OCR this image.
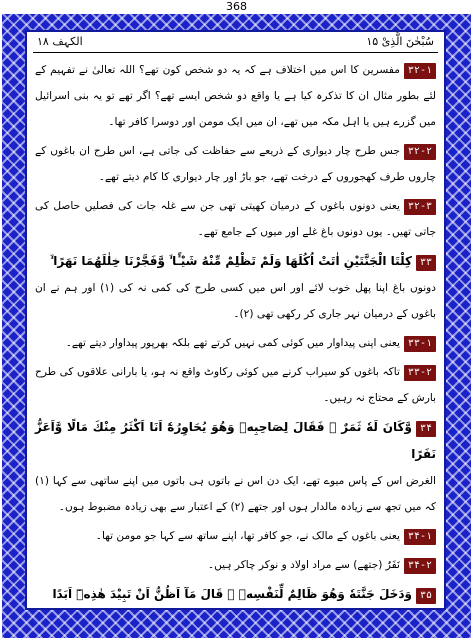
368
سُبْحٰنَ الَّذِیْ ۱۵
الکہف ۱۸
۳۲-۱مفسرین کا اس میں اختلاف ہے کہ یہ دو شخص کون تھے؟ اللہ تعالیٰ نے تفہیم کے لئے بطور مثال ان کا تذکرہ کیا ہے یا واقع دو شخص ایسے تھے؟ اگر تھے تو یہ بنی اسرائیل میں گزرے ہیں یا اہل مکہ میں تھے، ان میں ایک مومن اور دوسرا کافر تھا۔
۳۲-۲جس طرح چار دیواری کے ذریعے سے حفاظت کی جاتی ہے، اس طرح ان باغوں کے چاروں طرف کھجوروں کے درخت تھے، جو باڑ اور چار دیواری کا کام دیتے تھے۔
۳۲-۳یعنی دونوں باغوں کے درمیان کھیتی تھی جن سے غلہ جات کی فصلیں حاصل کی جاتی تھیں۔ یوں دونوں باغ غلے اور میوں کے جامع تھے۔
۳۳كِلْتَا الْجَنَّتَيْنِ اٰتَتْ اُكُلَهَا وَلَمْ تَظْلِمْ مِّنْهُ شَيْـًٔا ۙ وَّفَجَّرْنَا خِلٰلَهُمَا نَهَرًا ۙ
دونوں باغ اپنا پھل خوب لائے اور اس میں کسی طرح کی کمی نہ کی (۱) اور ہم نے ان باغوں کے درمیان نہر جاری کر رکھی تھی (۲)۔
۳۳-۱یعنی اپنی پیداوار میں کوئی کمی نہیں کرتے تھے بلکہ بھرپور پیداوار دیتے تھے۔
۳۳-۲تاکہ باغوں کو سیراب کرنے میں کوئی رکاوٹ واقع نہ ہو، یا بارانی علاقوں کی طرح بارش کے محتاج نہ رہیں۔
۳۴وَّكَانَ لَهٗ ثَمَرٌ ۚ فَقَالَ لِصَاحِبِهٖ وَهُوَ يُحَاوِرُهٗٓ اَنَا اَكْثَرُ مِنْكَ مَالًا وَّاَعَزُّ نَفَرًا
الغرض اس کے پاس میوے تھے، ایک دن اس نے باتوں ہی باتوں میں اپنے ساتھی سے کہا (۱) کہ میں تجھ سے زیادہ مالدار ہوں اور جتھے (۲) کے اعتبار سے بھی زیادہ مضبوط ہوں۔
۳۴-۱یعنی باغوں کے مالک نے، جو کافر تھا، اپنے ساتھ سے کہا جو مومن تھا۔
۳۴-۲نَفَرٌ (جتھے) سے مراد اولاد و نوکر چاکر ہیں۔
۳۵وَدَخَلَ جَنَّتَهٗ وَهُوَ ظَالِمٌ لِّنَفْسِهٖ ۚ قَالَ مَآ اَظُنُّ اَنْ تَبِيْدَ هٰذِهٖٓ اَبَدًا
